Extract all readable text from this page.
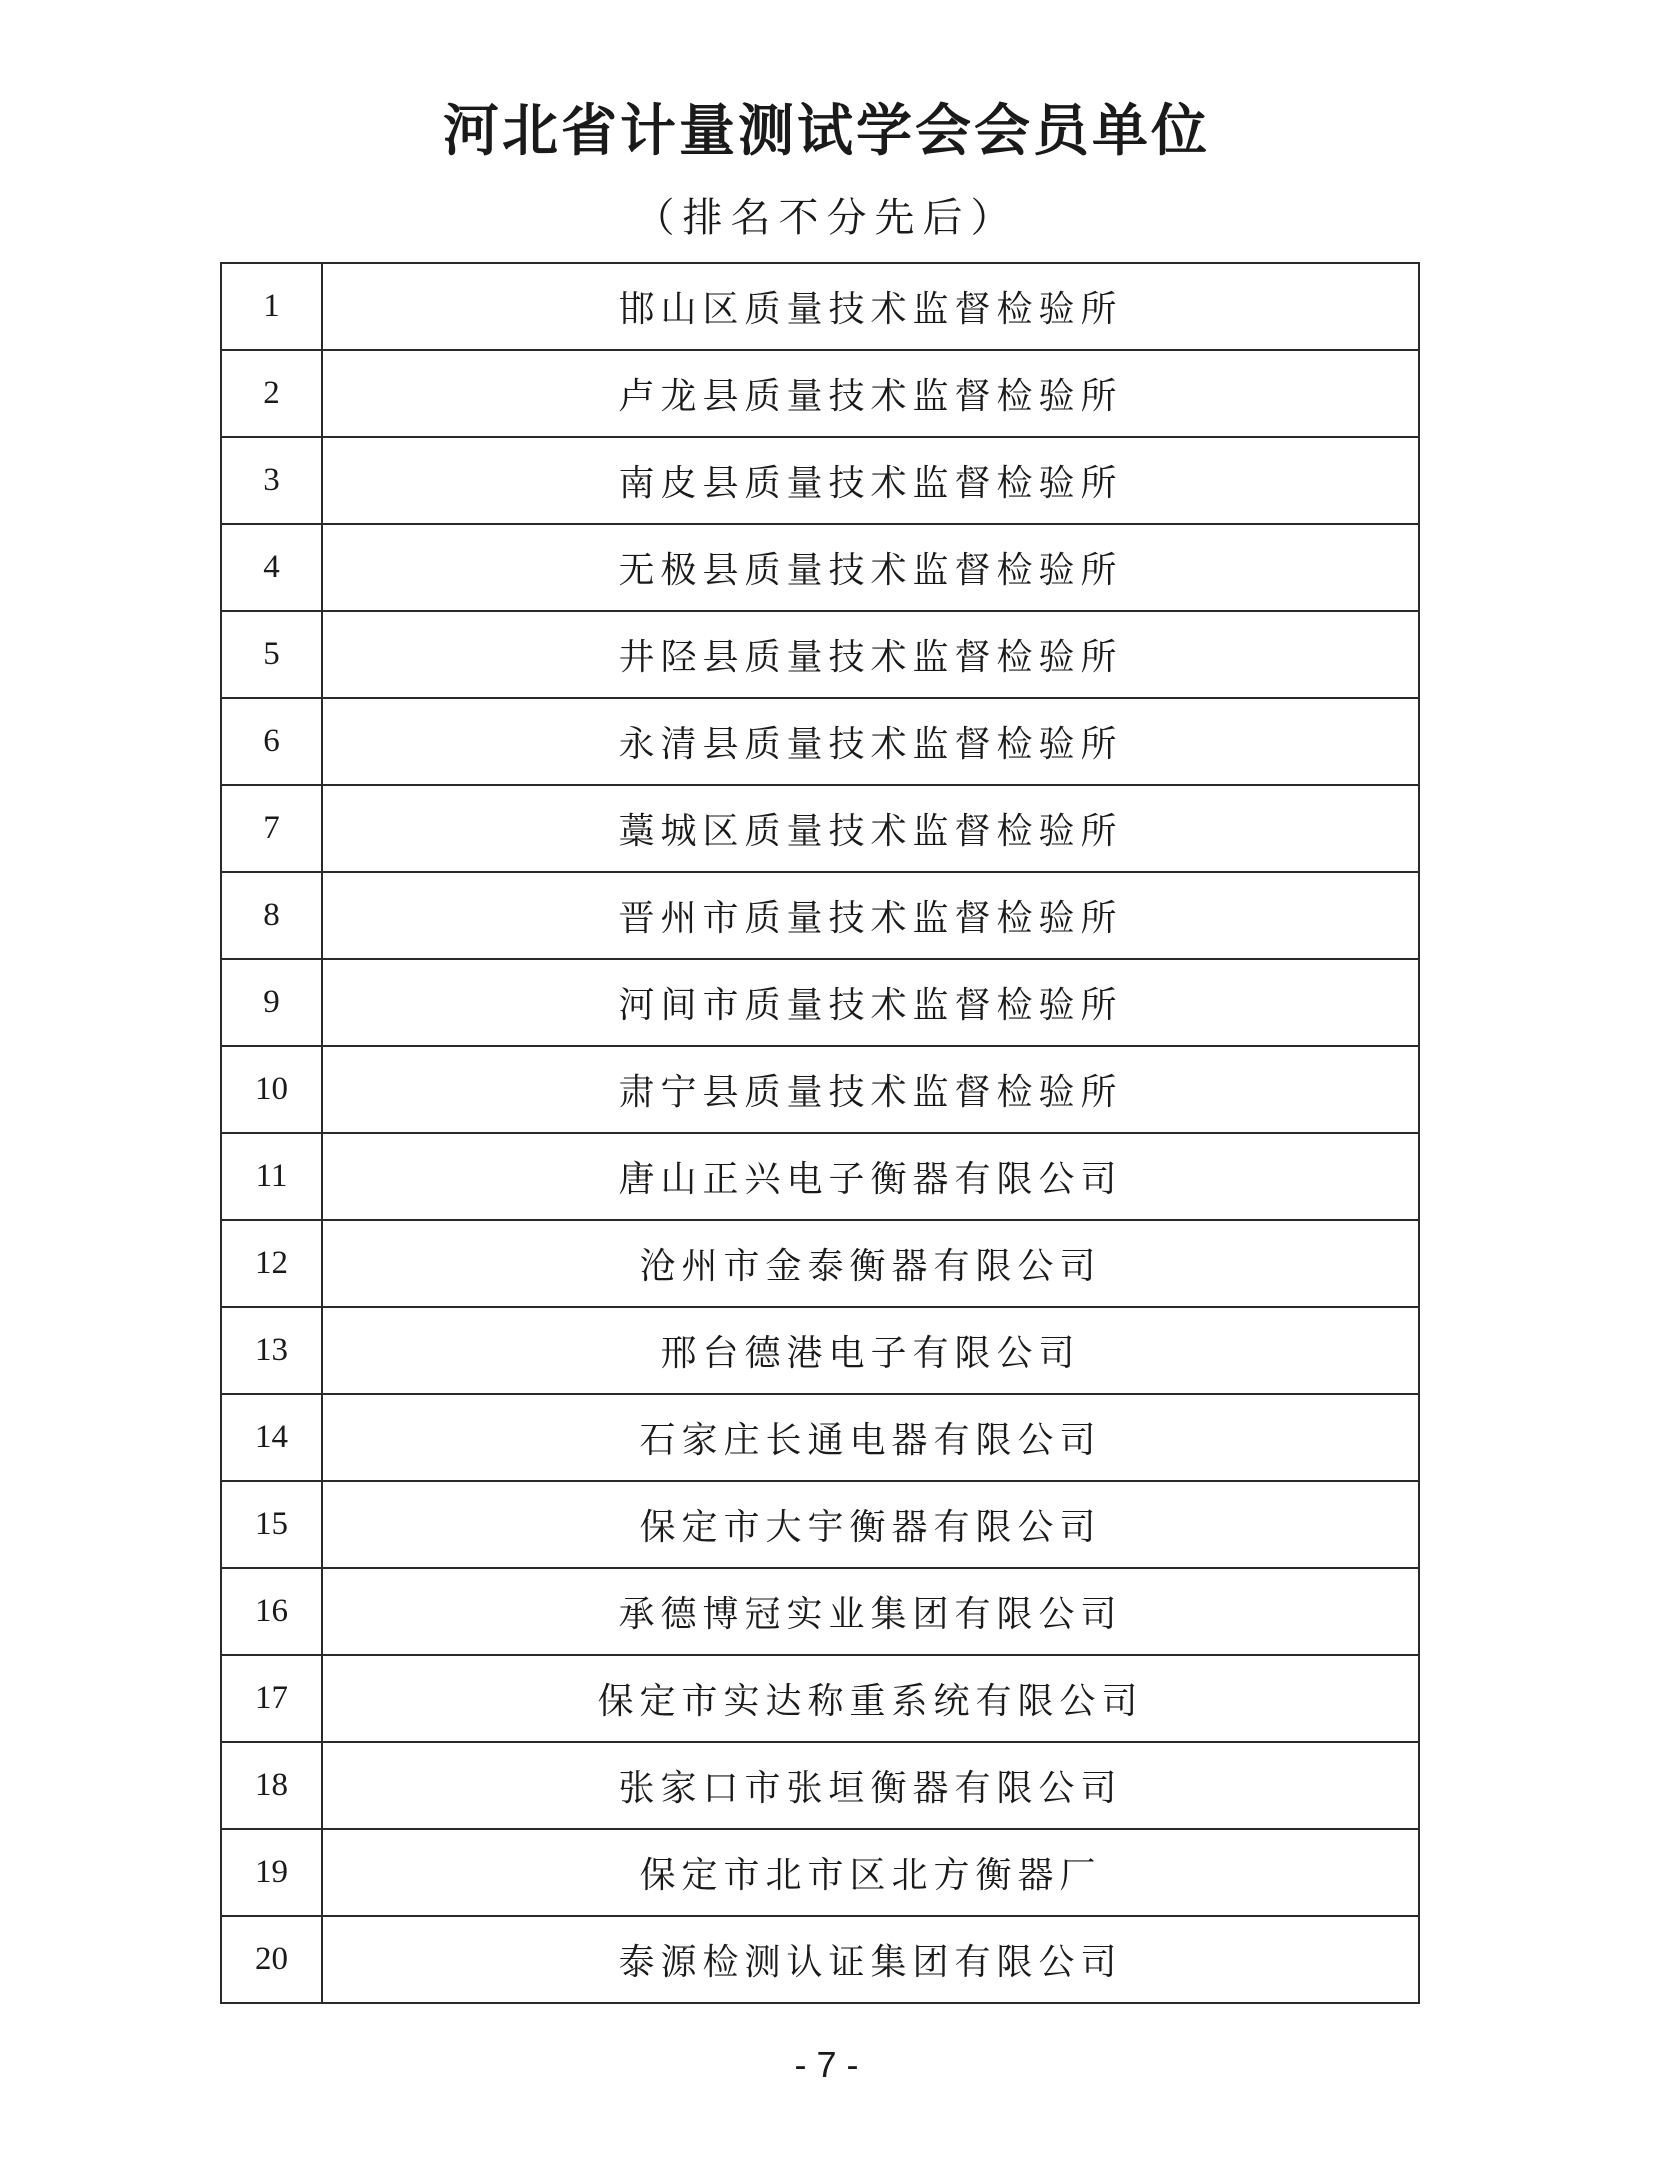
河北省计量测试学会会员单位
（排名不分先后）
1	邯山区质量技术监督检验所
2	卢龙县质量技术监督检验所
3	南皮县质量技术监督检验所
4	无极县质量技术监督检验所
5	井陉县质量技术监督检验所
6	永清县质量技术监督检验所
7	藁城区质量技术监督检验所
8	晋州市质量技术监督检验所
9	河间市质量技术监督检验所
10	肃宁县质量技术监督检验所
11	唐山正兴电子衡器有限公司
12	沧州市金泰衡器有限公司
13	邢台德港电子有限公司
14	石家庄长通电器有限公司
15	保定市大宇衡器有限公司
16	承德博冠实业集团有限公司
17	保定市实达称重系统有限公司
18	张家口市张垣衡器有限公司
19	保定市北市区北方衡器厂
20	泰源检测认证集团有限公司
- 7 -
